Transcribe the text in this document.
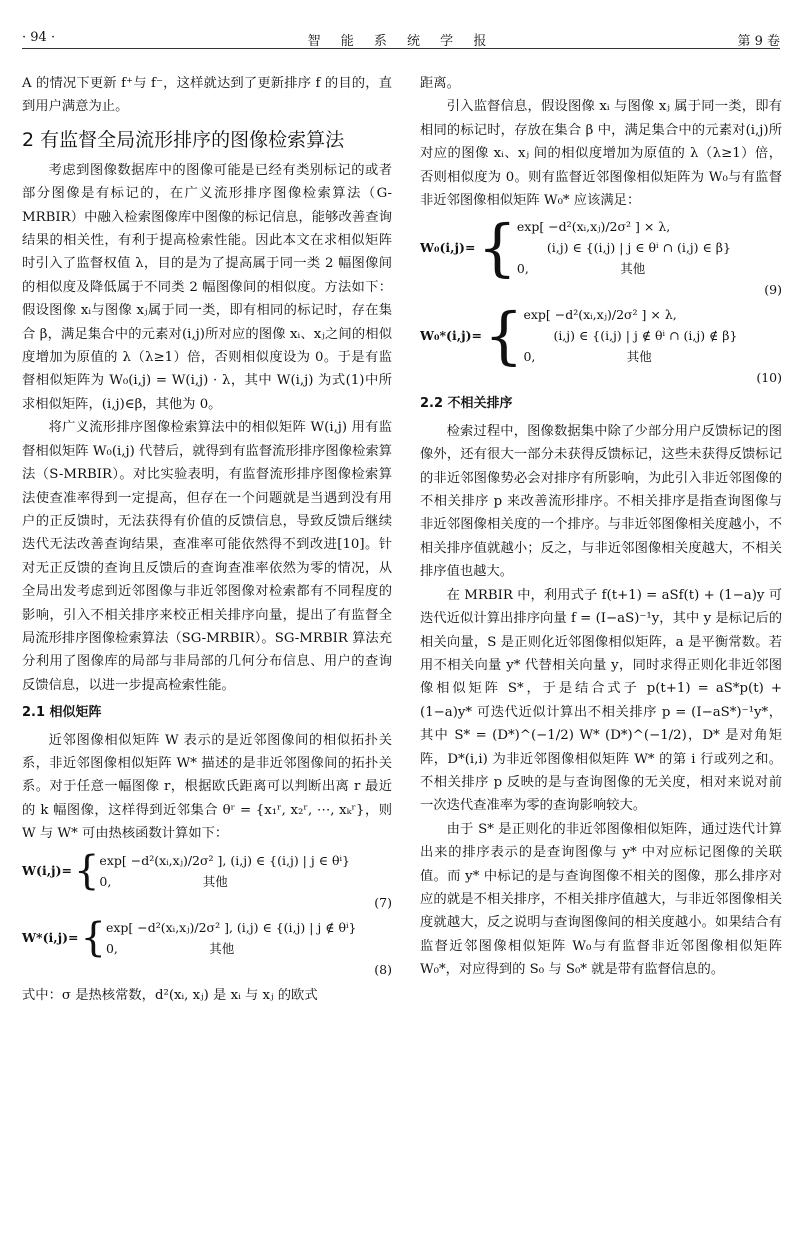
· 94 ·	智 能 系 统 学 报	第 9 卷

A 的情况下更新 f⁺与 f⁻，这样就达到了更新排序 f 的目的，直到用户满意为止。

2 有监督全局流形排序的图像检索算法

考虑到图像数据库中的图像可能是已经有类别标记的或者部分图像是有标记的，在广义流形排序图像检索算法（G-MRBIR）中融入检索图像库中图像的标记信息，能够改善查询结果的相关性，有利于提高检索性能。因此本文在求相似矩阵时引入了监督权值 λ，目的是为了提高属于同一类 2 幅图像间的相似度及降低属于不同类 2 幅图像间的相似度。方法如下：假设图像 xᵢ与图像 xⱼ属于同一类，即有相同的标记时，存在集合 β，满足集合中的元素对(i,j)所对应的图像 xᵢ、xⱼ之间的相似度增加为原值的 λ（λ≥1）倍，否则相似度设为 0。于是有监督相似矩阵为 W₀(i,j) = W(i,j) · λ，其中 W(i,j) 为式(1)中所求相似矩阵，(i,j)∈β，其他为 0。

将广义流形排序图像检索算法中的相似矩阵 W(i,j) 用有监督相似矩阵 W₀(i,j) 代替后，就得到有监督流形排序图像检索算法（S-MRBIR）。对比实验表明，有监督流形排序图像检索算法使查准率得到一定提高，但存在一个问题就是当遇到没有用户的正反馈时，无法获得有价值的反馈信息，导致反馈后继续迭代无法改善查询结果，查准率可能依然得不到改进[10]。针对无正反馈的查询且反馈后的查询查准率依然为零的情况，从全局出发考虑到近邻图像与非近邻图像对检索都有不同程度的影响，引入不相关排序来校正相关排序向量，提出了有监督全局流形排序图像检索算法（SG-MRBIR）。SG-MRBIR 算法充分利用了图像库的局部与非局部的几何分布信息、用户的查询反馈信息，以进一步提高检索性能。

2.1 相似矩阵

近邻图像相似矩阵 W 表示的是近邻图像间的相似拓扑关系，非近邻图像相似矩阵 W* 描述的是非近邻图像间的拓扑关系。对于任意一幅图像 r，根据欧氏距离可以判断出离 r 最近的 k 幅图像，这样得到近邻集合 θʳ = {x₁ʳ, x₂ʳ, ⋯, xₖʳ}，则 W 与 W* 可由热核函数计算如下：

W(i,j)={ exp[ −d²(xᵢ,xⱼ)/2σ² ], (i,j) ∈ {(i,j) | j ∈ θⁱ}
0,                       其他
(7)
W*(i,j)={ exp[ −d²(xᵢ,xⱼ)/2σ² ], (i,j) ∈ {(i,j) | j ∉ θⁱ}
0,                       其他
(8)

式中：σ 是热核常数，d²(xᵢ, xⱼ) 是 xᵢ 与 xⱼ 的欧式

距离。

引入监督信息，假设图像 xᵢ 与图像 xⱼ 属于同一类，即有相同的标记时，存放在集合 β 中，满足集合中的元素对(i,j)所对应的图像 xᵢ、xⱼ 间的相似度增加为原值的 λ（λ≥1）倍，否则相似度为 0。则有监督近邻图像相似矩阵为 W₀与有监督非近邻图像相似矩阵 W₀* 应该满足：

W₀(i,j)={ exp[ −d²(xᵢ,xⱼ)/2σ² ] × λ,
(i,j) ∈ {(i,j) | j ∈ θⁱ ∩ (i,j) ∈ β}
0,                       其他
(9)
W₀*(i,j)={ exp[ −d²(xᵢ,xⱼ)/2σ² ] × λ,
(i,j) ∈ {(i,j) | j ∉ θⁱ ∩ (i,j) ∉ β}
0,                       其他
(10)
2.2 不相关排序

检索过程中，图像数据集中除了少部分用户反馈标记的图像外，还有很大一部分未获得反馈标记，这些未获得反馈标记的非近邻图像势必会对排序有所影响，为此引入非近邻图像的不相关排序 p 来改善流形排序。不相关排序是指查询图像与非近邻图像相关度的一个排序。与非近邻图像相关度越小，不相关排序值就越小；反之，与非近邻图像相关度越大，不相关排序值也越大。

在 MRBIR 中，利用式子 f(t+1) = aSf(t) + (1−a)y 可迭代近似计算出排序向量 f = (I−aS)⁻¹y，其中 y 是标记后的相关向量，S 是正则化近邻图像相似矩阵，a 是平衡常数。若用不相关向量 y* 代替相关向量 y，同时求得正则化非近邻图像相似矩阵 S*，于是结合式子 p(t+1) = aS*p(t) + (1−a)y* 可迭代近似计算出不相关排序 p = (I−aS*)⁻¹y*，其中 S* = (D*)^(−1/2) W* (D*)^(−1/2)，D* 是对角矩阵，D*(i,i) 为非近邻图像相似矩阵 W* 的第 i 行或列之和。不相关排序 p 反映的是与查询图像的无关度，相对来说对前一次迭代查准率为零的查询影响较大。

由于 S* 是正则化的非近邻图像相似矩阵，通过迭代计算出来的排序表示的是查询图像与 y* 中对应标记图像的关联值。而 y* 中标记的是与查询图像不相关的图像，那么排序对应的就是不相关排序，不相关排序值越大，与非近邻图像相关度就越大，反之说明与查询图像间的相关度越小。如果结合有监督近邻图像相似矩阵 W₀与有监督非近邻图像相似矩阵 W₀*，对应得到的 S₀ 与 S₀* 就是带有监督信息的。
